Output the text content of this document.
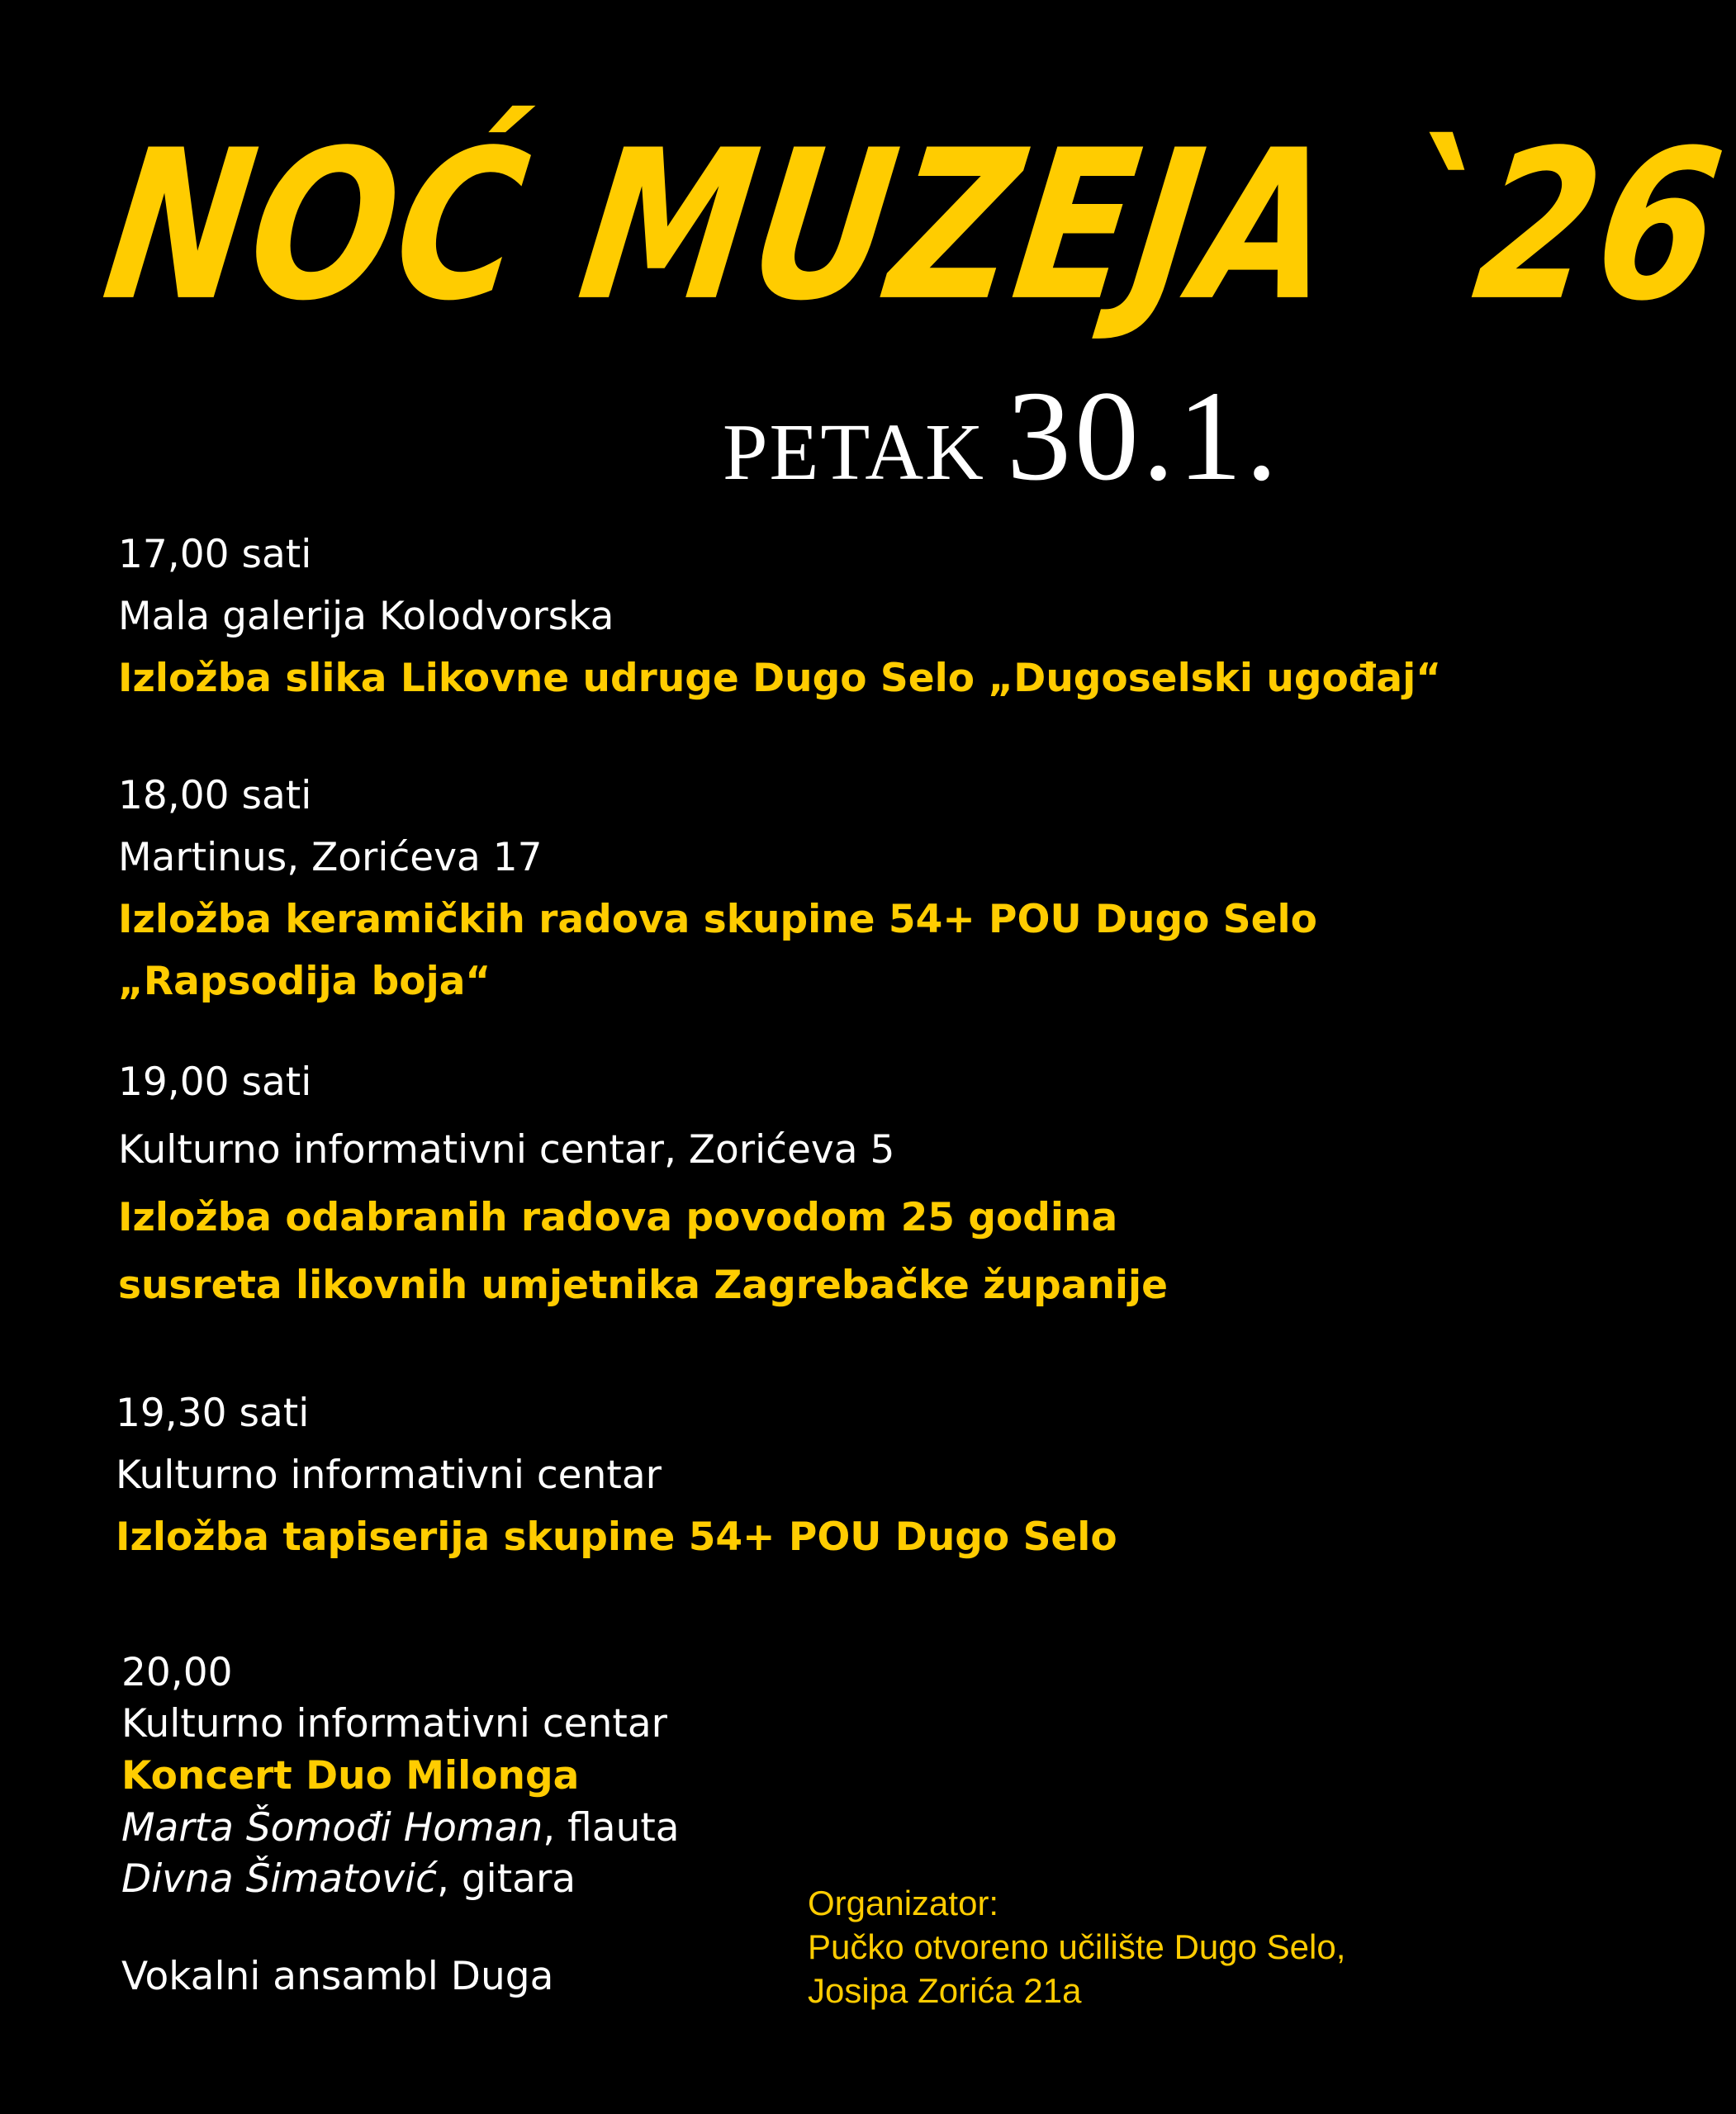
NOĆ MUZEJA `26
PETAK 30.1.
17,00 sati
Mala galerija Kolodvorska
Izložba slika Likovne udruge Dugo Selo „Dugoselski ugođaj“
18,00 sati
Martinus, Zorićeva 17
Izložba keramičkih radova skupine 54+ POU Dugo Selo
„Rapsodija boja“
19,00 sati
Kulturno informativni centar, Zorićeva 5
Izložba odabranih radova povodom 25 godina
susreta likovnih umjetnika Zagrebačke županije
19,30 sati
Kulturno informativni centar
Izložba tapiserija skupine 54+ POU Dugo Selo
20,00
Kulturno informativni centar
Koncert Duo Milonga
Marta Šomođi Homan, flauta
Divna Šimatović, gitara
Vokalni ansambl Duga
Organizator:
Pučko otvoreno učilište Dugo Selo,
Josipa Zorića 21a
